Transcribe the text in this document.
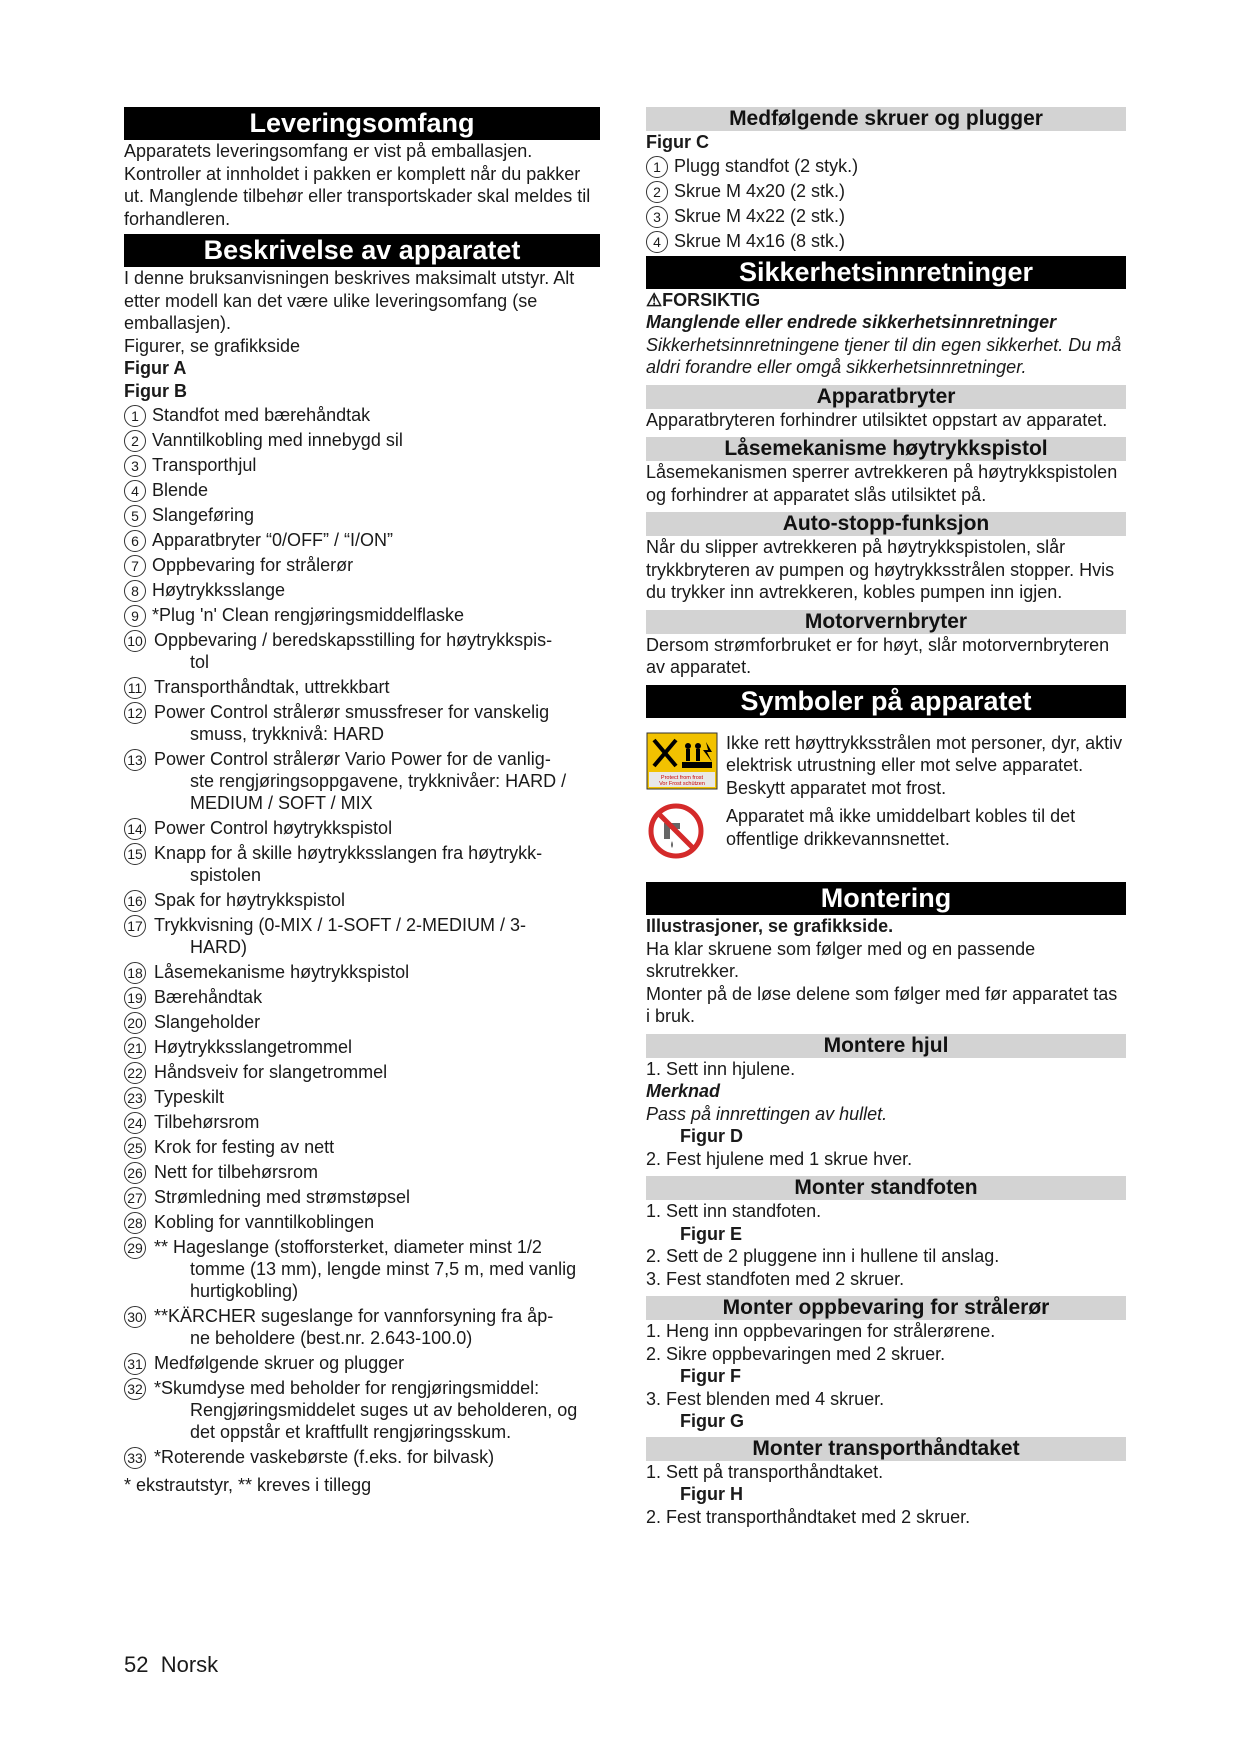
Leveringsomfang

Apparatets leveringsomfang er vist på emballasjen. Kontroller at innholdet i pakken er komplett når du pakker ut. Manglende tilbehør eller transportskader skal meldes til forhandleren.

Beskrivelse av apparatet

I denne bruksanvisningen beskrives maksimalt utstyr. Alt etter modell kan det være ulike leveringsomfang (se emballasjen).

Figurer, se grafikkside

Figur A

Figur B

1 Standfot med bærehåndtak
2 Vanntilkobling med innebygd sil
3 Transporthjul
4 Blende
5 Slangeføring
6 Apparatbryter “0/OFF” / “I/ON”
7 Oppbevaring for strålerør
8 Høytrykksslange
9 *Plug 'n' Clean rengjøringsmiddelflaske
10 Oppbevaring / beredskapsstilling for høytrykkspis-
tol
11 Transporthåndtak, uttrekkbart
12 Power Control strålerør smussfreser for vanskelig
smuss, trykknivå: HARD
13 Power Control strålerør Vario Power for de vanlig-
ste rengjøringsoppgavene, trykknivåer: HARD / MEDIUM / SOFT / MIX
14 Power Control høytrykkspistol
15 Knapp for å skille høytrykksslangen fra høytrykk-
spistolen
16 Spak for høytrykkspistol
17 Trykkvisning (0-MIX / 1-SOFT / 2-MEDIUM / 3-
HARD)
18 Låsemekanisme høytrykkspistol
19 Bærehåndtak
20 Slangeholder
21 Høytrykksslangetrommel
22 Håndsveiv for slangetrommel
23 Typeskilt
24 Tilbehørsrom
25 Krok for festing av nett
26 Nett for tilbehørsrom
27 Strømledning med strømstøpsel
28 Kobling for vanntilkoblingen
29 ** Hageslange (stofforsterket, diameter minst 1/2
tomme (13 mm), lengde minst 7,5 m, med vanlig hurtigkobling)
30 **KÄRCHER sugeslange for vannforsyning fra åp-
ne beholdere (best.nr. 2.643-100.0)
31 Medfølgende skruer og plugger
32 *Skumdyse med beholder for rengjøringsmiddel:
Rengjøringsmiddelet suges ut av beholderen, og det oppstår et kraftfullt rengjøringsskum.
33 *Roterende vaskebørste (f.eks. for bilvask)

* ekstrautstyr, ** kreves i tillegg

Medfølgende skruer og plugger

Figur C

1 Plugg standfot (2 styk.)
2 Skrue M 4x20 (2 stk.)
3 Skrue M 4x22 (2 stk.)
4 Skrue M 4x16 (8 stk.)
Sikkerhetsinnretninger

⚠FORSIKTIG

Manglende eller endrede sikkerhetsinnretninger

Sikkerhetsinnretningene tjener til din egen sikkerhet. Du må aldri forandre eller omgå sikkerhetsinnretninger.

Apparatbryter

Apparatbryteren forhindrer utilsiktet oppstart av apparatet.

Låsemekanisme høytrykkspistol

Låsemekanismen sperrer avtrekkeren på høytrykkspistolen og forhindrer at apparatet slås utilsiktet på.

Auto-stopp-funksjon

Når du slipper avtrekkeren på høytrykkspistolen, slår trykkbryteren av pumpen og høytrykksstrålen stopper. Hvis du trykker inn avtrekkeren, kobles pumpen inn igjen.

Motorvernbryter

Dersom strømforbruket er for høyt, slår motorvernbryteren av apparatet.

Symboler på apparatet
Protect from frost
Vor Frost schützen

Ikke rett høyttrykksstrålen mot personer, dyr, aktiv elektrisk utrustning eller mot selve apparatet.

Beskytt apparatet mot frost.

Apparatet må ikke umiddelbart kobles til det offentlige drikkevannsnettet.

Montering

Illustrasjoner, se grafikkside.

Ha klar skruene som følger med og en passende skrutrekker.

Monter på de løse delene som følger med før apparatet tas i bruk.

Montere hjul

1. Sett inn hjulene.

Merknad

Pass på innrettingen av hullet.

Figur D

2. Fest hjulene med 1 skrue hver.

Monter standfoten

1. Sett inn standfoten.

Figur E

2. Sett de 2 pluggene inn i hullene til anslag.

3. Fest standfoten med 2 skruer.

Monter oppbevaring for strålerør

1. Heng inn oppbevaringen for strålerørene.

2. Sikre oppbevaringen med 2 skruer.

Figur F

3. Fest blenden med 4 skruer.

Figur G

Monter transporthåndtaket

1. Sett på transporthåndtaket.

Figur H

2. Fest transporthåndtaket med 2 skruer.

52 Norsk
